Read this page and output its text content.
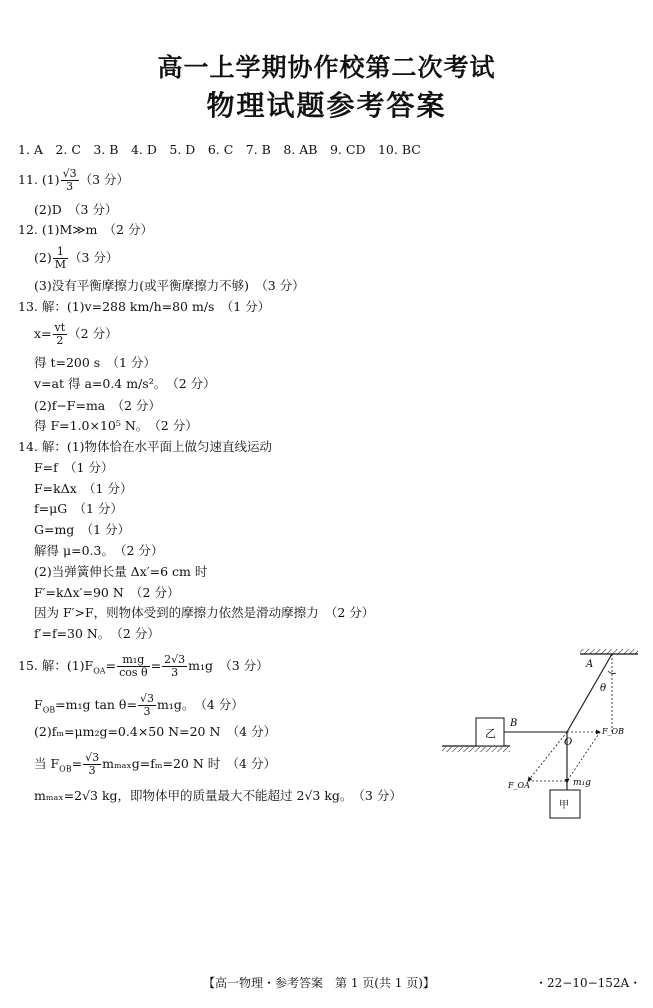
高一上学期协作校第二次考试
物理试题参考答案
1. A　2. C　3. B　4. D　5. D　6. C　7. B　8. AB　9. CD　10. BC
11. $(1) \frac{√3}{3} (3$ 分）
(2)D　（3 分）
12. (1)M≫m　（2 分）
$(2) \frac{1}{M} (3$ 分）
(3)没有平衡摩擦力(或平衡摩擦力不够)　（3 分）
13. 解：(1)v=288 km/h=80 m/s　（1 分）
$x= \frac{vt}{2} (2$ 分）
得 t=200 s　（1 分）
v=at 得 a=0.4 m/s²。　（2 分）
(2)f−F=ma　（2 分）
得 F=1.0×10⁵ N。　（2 分）
14. 解：(1)物体恰在水平面上做匀速直线运动
F=f　（1 分）
F=kΔx　（1 分）
f=μG　（1 分）
G=mg　（1 分）
解得 μ=0.3。　（2 分）
(2)当弹簧伸长量 Δx′=6 cm 时
F′=kΔx′=90 N　（2 分）
因为 F′>F，则物体受到的摩擦力依然是滑动摩擦力　（2 分）
f′=f=30 N。　（2 分）
15. 解：$(1)F_{OA}= \frac{\text{m₁g}}{\text{cos θ}} = \frac{2√3}{3} m_1g$　（3 分）
$F_{OB}=m_1g$ $\tan \theta= \frac{√3}{3} m_1g$。　（4 分）
(2)fₘ=μm₂g=0.4×50 N=20 N　（4 分）
当 $F_{OB}= \frac{√3}{3} m_{max}g=f_m=20$ N 时　（4 分）
mₘₐₓ=2√3 kg，即物体甲的质量最大不能超过 2√3 kg。　（3 分）
乙
B
A
θ
F_OB
F_OA
O
m₁g
甲
【高一物理・参考答案　第 1 页(共 1 页)】	・22−10−152A・
